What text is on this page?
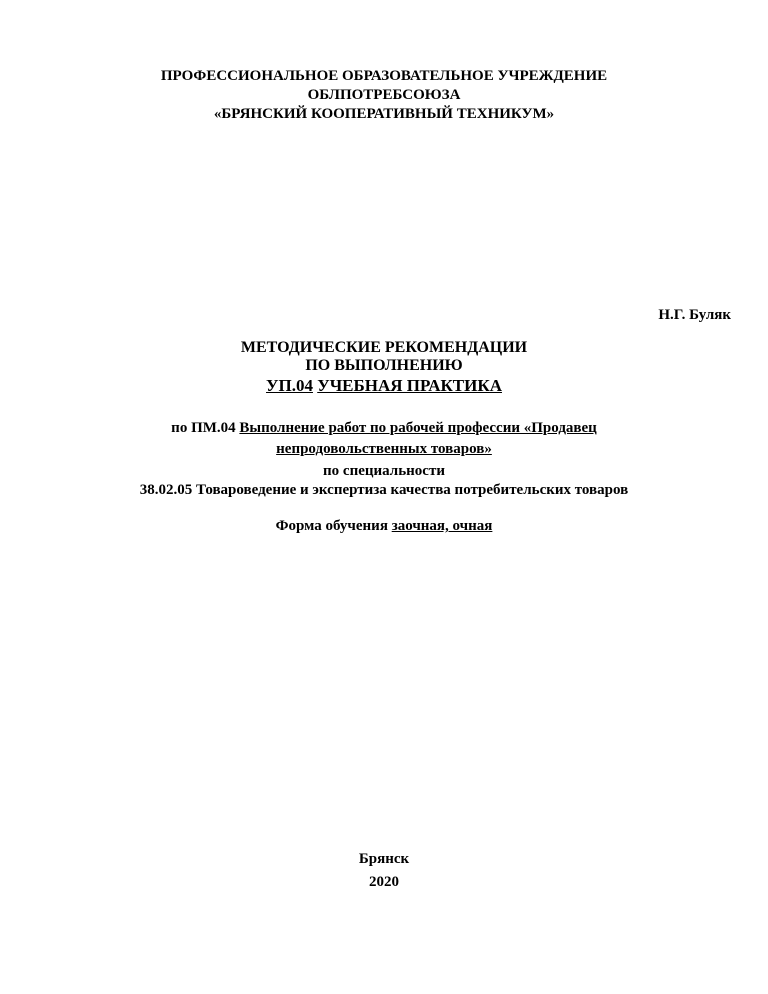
ПРОФЕССИОНАЛЬНОЕ ОБРАЗОВАТЕЛЬНОЕ УЧРЕЖДЕНИЕ
ОБЛПОТРЕБСОЮЗА
«БРЯНСКИЙ КООПЕРАТИВНЫЙ ТЕХНИКУМ»
Н.Г. Буляк
МЕТОДИЧЕСКИЕ РЕКОМЕНДАЦИИ
ПО ВЫПОЛНЕНИЮ
УП.04 УЧЕБНАЯ ПРАКТИКА
по ПМ.04 Выполнение работ по рабочей профессии «Продавец
непродовольственных товаров»
по специальности
38.02.05 Товароведение и экспертиза качества потребительских товаров
Форма обучения заочная, очная
Брянск
2020
